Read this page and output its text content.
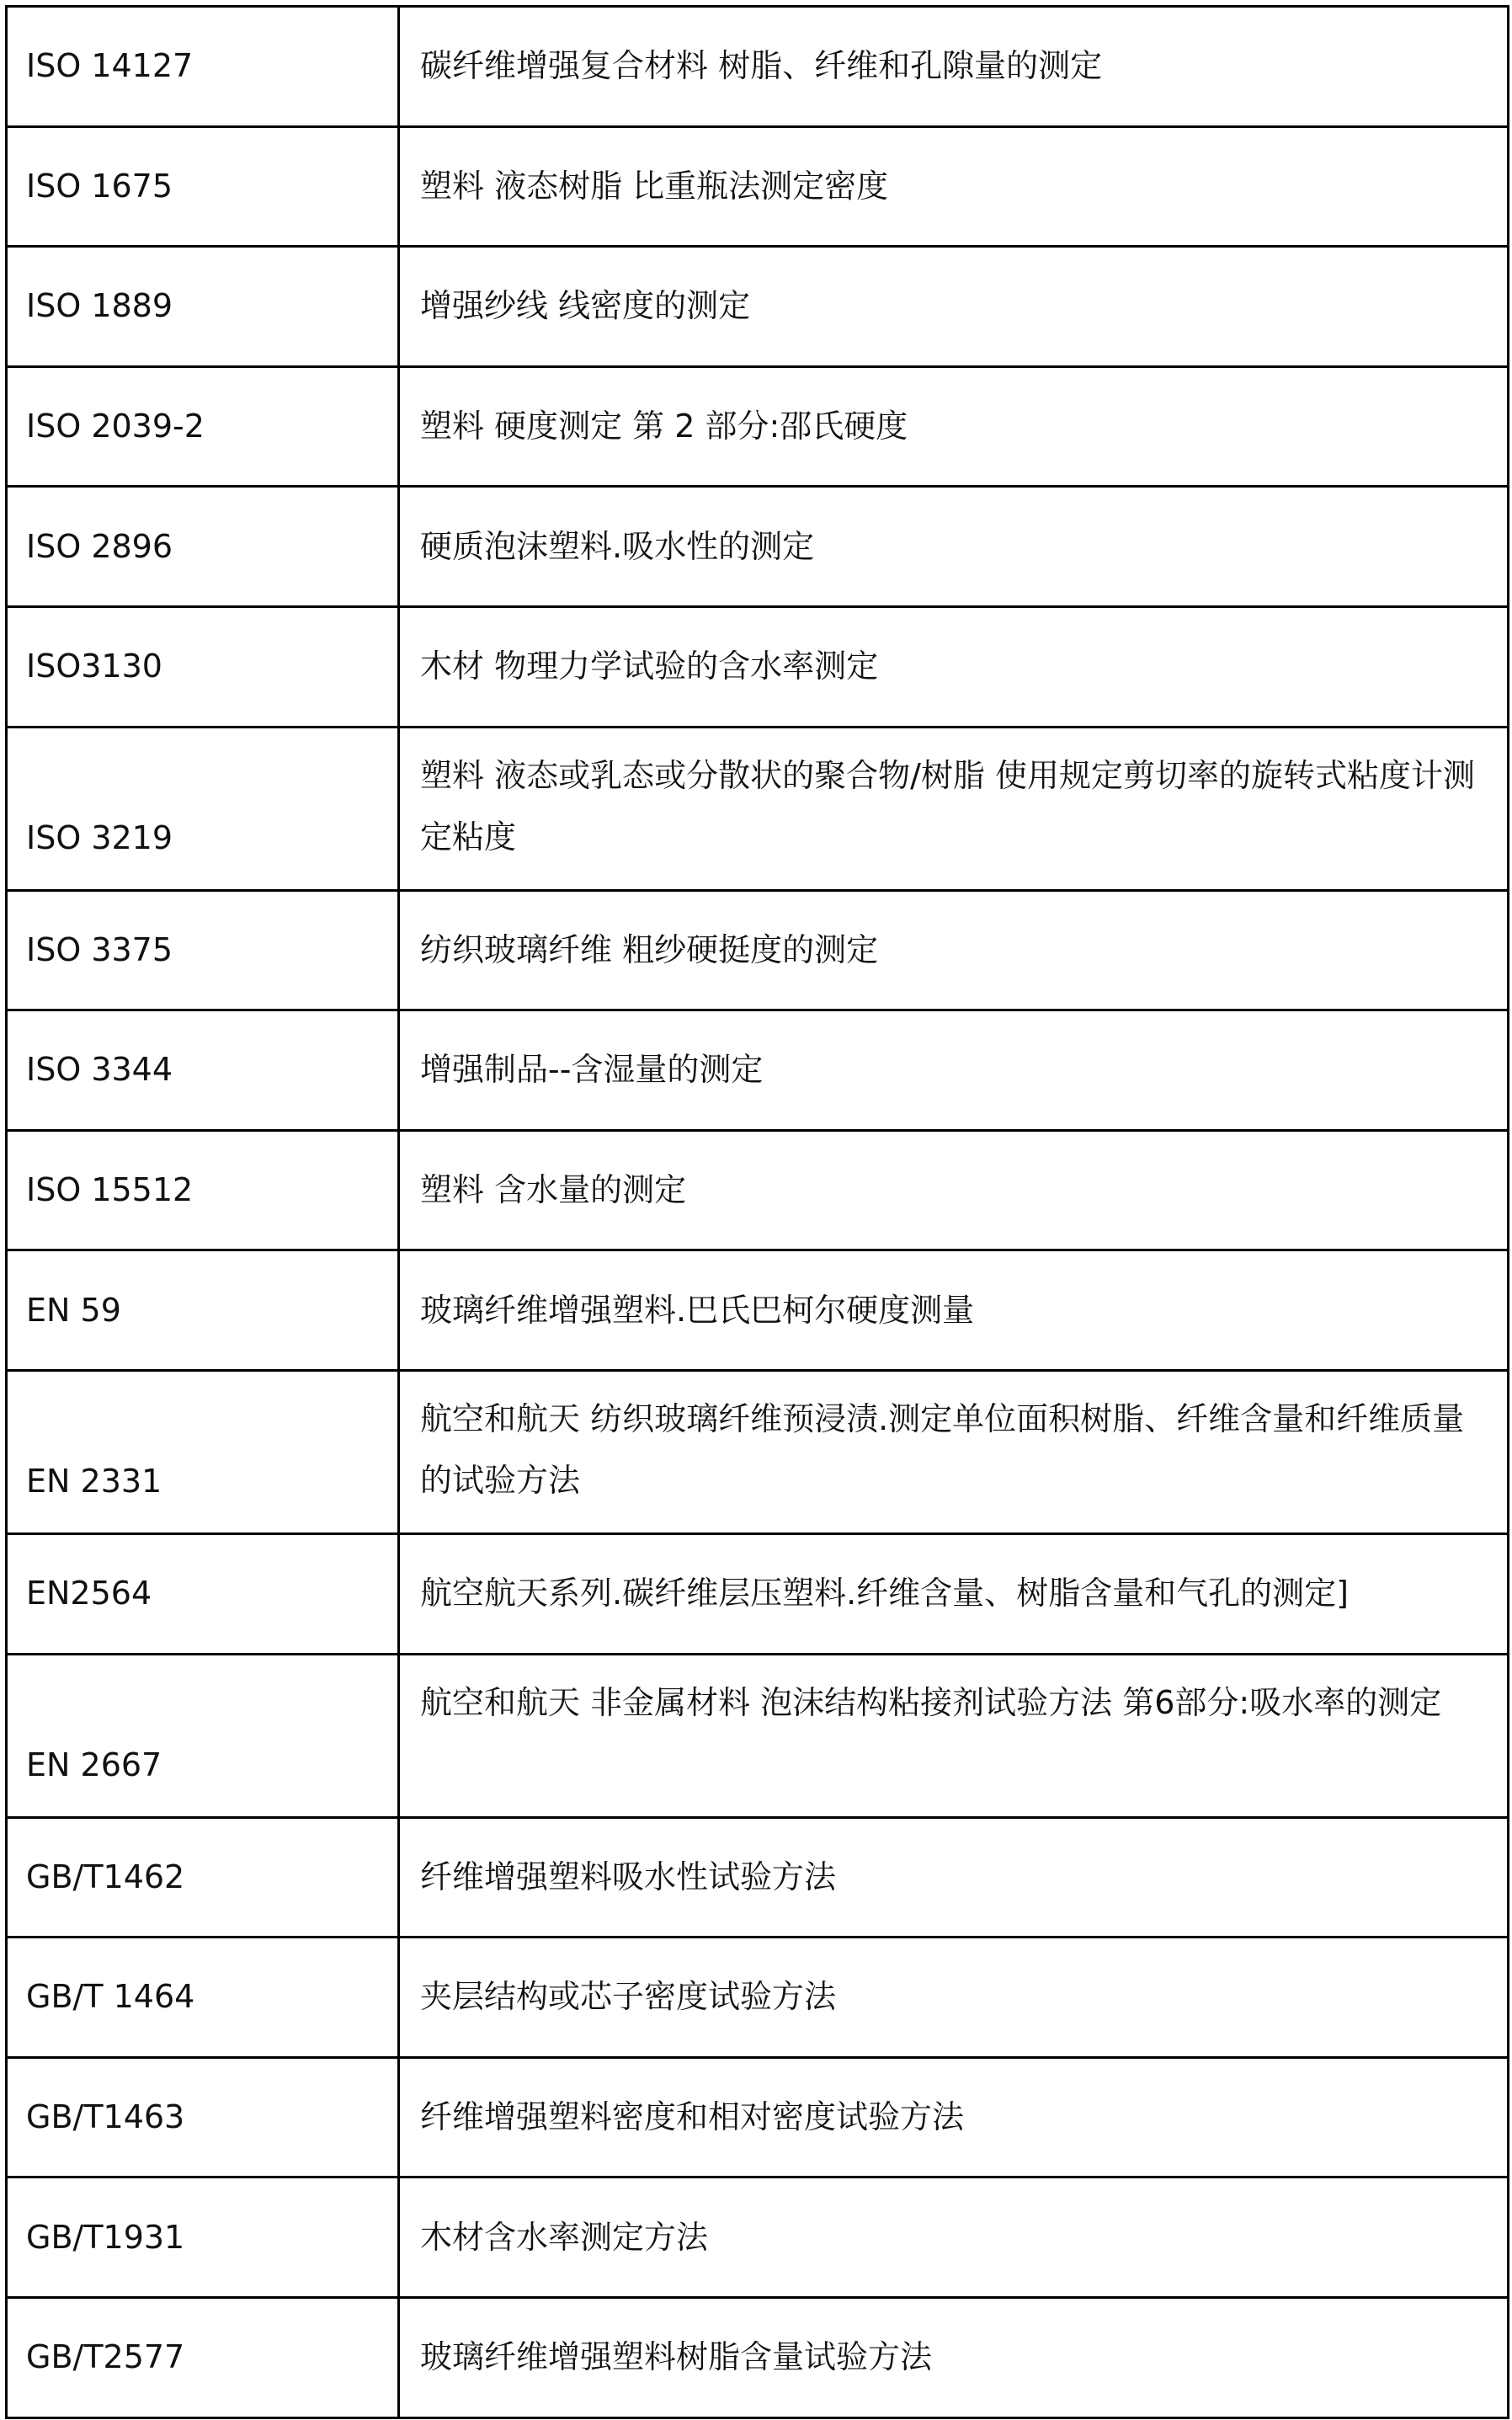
ISO 14127	碳纤维增强复合材料 树脂、纤维和孔隙量的测定
ISO 1675	塑料 液态树脂 比重瓶法测定密度
ISO 1889	增强纱线 线密度的测定
ISO 2039-2	塑料 硬度测定 第 2 部分:邵氏硬度
ISO 2896	硬质泡沫塑料.吸水性的测定
ISO3130	木材 物理力学试验的含水率测定
ISO 3219	塑料 液态或乳态或分散状的聚合物/树脂 使用规定剪切率的旋转式粘度计测定粘度
ISO 3375	纺织玻璃纤维 粗纱硬挺度的测定
ISO 3344	增强制品--含湿量的测定
ISO 15512	塑料 含水量的测定
EN 59	玻璃纤维增强塑料.巴氏巴柯尔硬度测量
EN 2331	航空和航天 纺织玻璃纤维预浸渍.测定单位面积树脂、纤维含量和纤维质量的试验方法
EN2564	航空航天系列.碳纤维层压塑料.纤维含量、树脂含量和气孔的测定]
EN 2667	航空和航天 非金属材料 泡沫结构粘接剂试验方法 第6部分:吸水率的测定
GB/T1462	纤维增强塑料吸水性试验方法
GB/T 1464	夹层结构或芯子密度试验方法
GB/T1463	纤维增强塑料密度和相对密度试验方法
GB/T1931	木材含水率测定方法
GB/T2577	玻璃纤维增强塑料树脂含量试验方法
